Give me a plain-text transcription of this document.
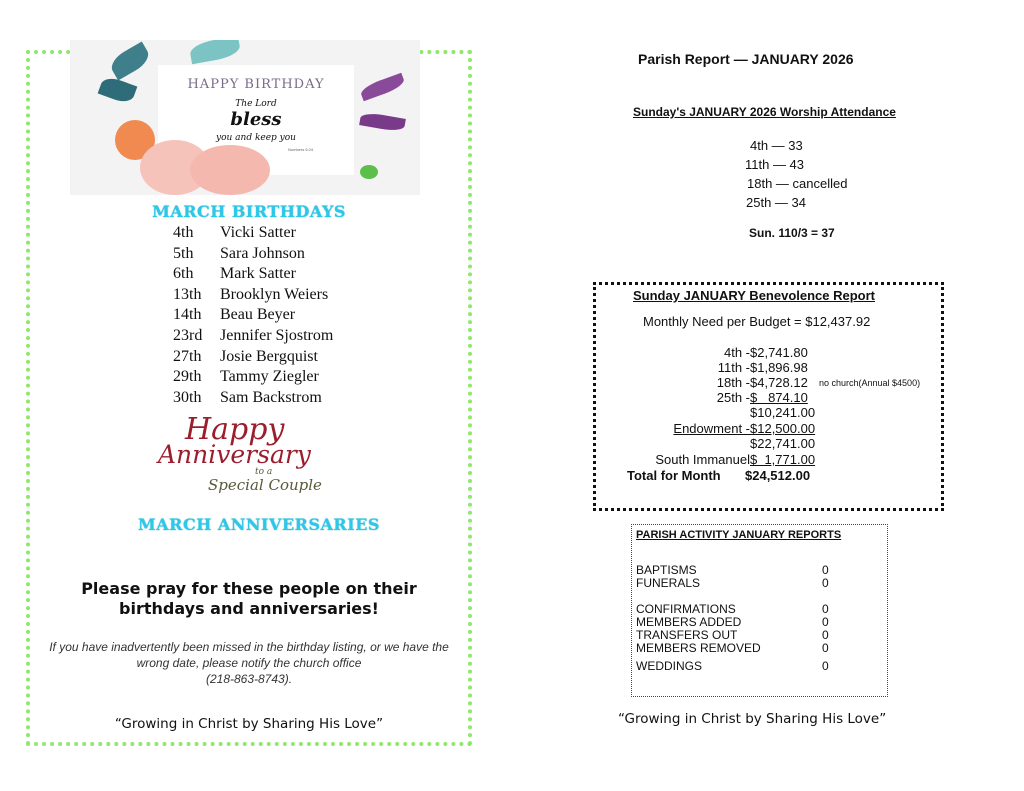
HAPPY BIRTHDAY
The Lord
bless
you and keep you
Numbers 6:24
MARCH BIRTHDAYS
4th Vicki Satter
5th Sara Johnson
6th Mark Satter
13th Brooklyn Weiers
14th Beau Beyer
23rd Jennifer Sjostrom
27th Josie Bergquist
29th Tammy Ziegler
30th Sam Backstrom
Happy
Anniversary
to a
Special Couple
MARCH ANNIVERSARIES
Please pray for these people on their
birthdays and anniversaries!
If you have inadvertently been missed in the birthday listing, or we have the
wrong date, please notify the church office
(218-863-8743).
“Growing in Christ by Sharing His Love”
Parish Report — JANUARY 2026
Sunday's JANUARY 2026 Worship Attendance
4th — 33
11th — 43
18th — cancelled
25th — 34
Sun. 110/3 = 37
Sunday JANUARY Benevolence Report
Monthly Need per Budget = $12,437.92
4th - $2,741.80
11th - $1,896.98
18th - $4,728.12 no church(Annual $4500)
25th - $   874.10
$10,241.00
Endowment - $12,500.00
$22,741.00
South Immanuel $  1,771.00
Total for Month $24,512.00
PARISH ACTIVITY JANUARY REPORTS
BAPTISMS	0
FUNERALS	0
CONFIRMATIONS	0
MEMBERS ADDED	0
TRANSFERS OUT	0
MEMBERS REMOVED	0
WEDDINGS	0
“Growing in Christ by Sharing His Love”
